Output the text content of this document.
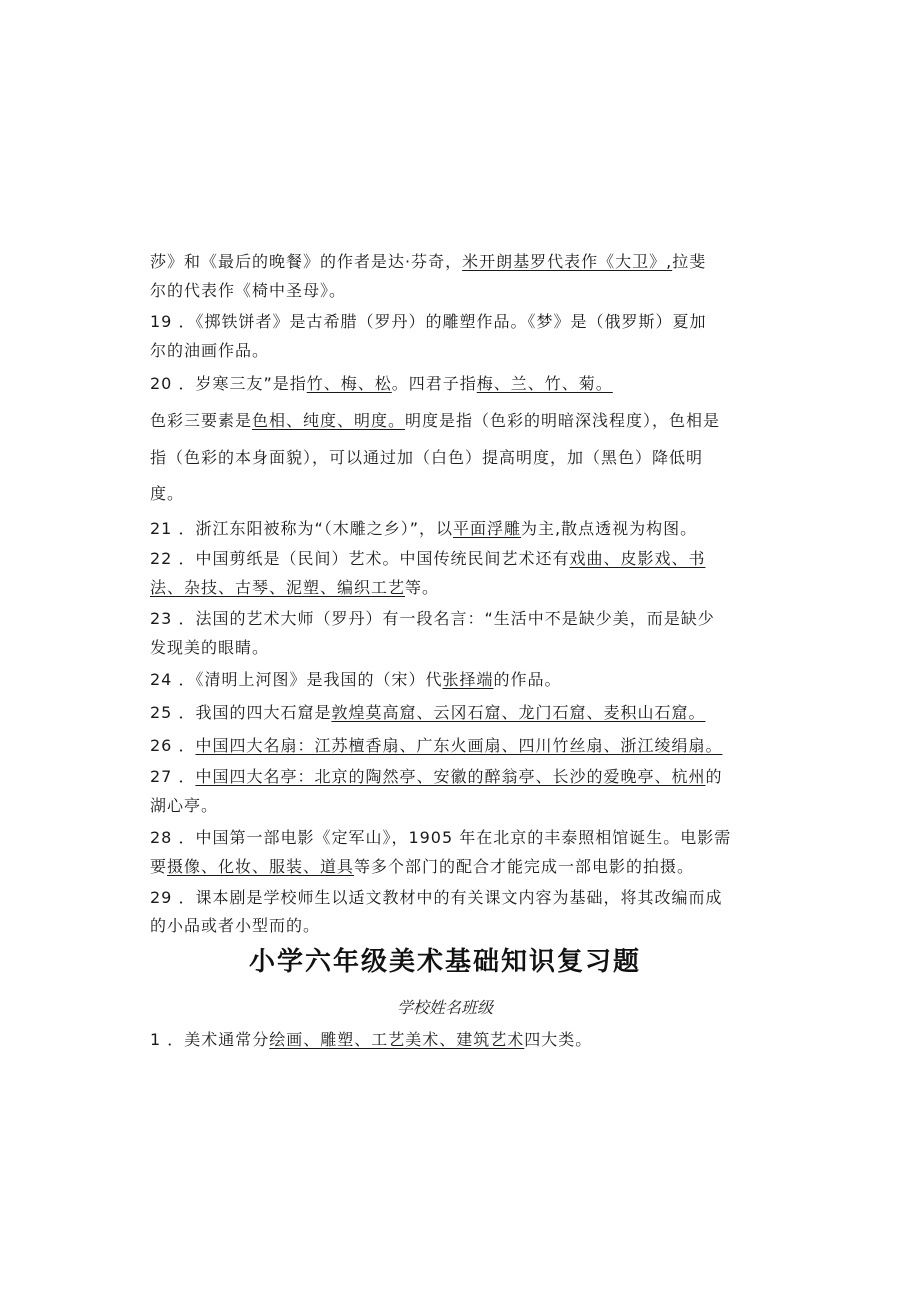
莎》和《最后的晚餐》的作者是达·芬奇，米开朗基罗代表作《大卫》,拉斐

尔的代表作《椅中圣母》。

19 ．《掷铁饼者》是古希腊（罗丹）的雕塑作品。《梦》是（俄罗斯）夏加

尔的油画作品。

20 ．岁寒三友”是指竹、梅、松。四君子指梅、兰、竹、菊。

色彩三要素是色相、纯度、明度。明度是指（色彩的明暗深浅程度），色相是

指（色彩的本身面貌），可以通过加（白色）提高明度，加（黑色）降低明

度。

21 ．浙江东阳被称为“（木雕之乡）”，以平面浮雕为主,散点透视为构图。

22 ．中国剪纸是（民间）艺术。中国传统民间艺术还有戏曲、皮影戏、书

法、杂技、古琴、泥塑、编织工艺等。

23 ．法国的艺术大师（罗丹）有一段名言：“生活中不是缺少美，而是缺少

发现美的眼睛。

24 ．《清明上河图》是我国的（宋）代张择端的作品。

25 ．我国的四大石窟是敦煌莫高窟、云冈石窟、龙门石窟、麦积山石窟。

26 ．中国四大名扇：江苏檀香扇、广东火画扇、四川竹丝扇、浙江绫绢扇。

27 ．中国四大名亭：北京的陶然亭、安徽的醉翁亭、长沙的爱晚亭、杭州的

湖心亭。

28 ．中国第一部电影《定军山》，1905 年在北京的丰泰照相馆诞生。电影需

要摄像、化妆、服装、道具等多个部门的配合才能完成一部电影的拍摄。

29 ．课本剧是学校师生以适文教材中的有关课文内容为基础，将其改编而成

的小品或者小型而的。

小学六年级美术基础知识复习题

学校姓名班级

1 ．美术通常分绘画、雕塑、工艺美术、建筑艺术四大类。
